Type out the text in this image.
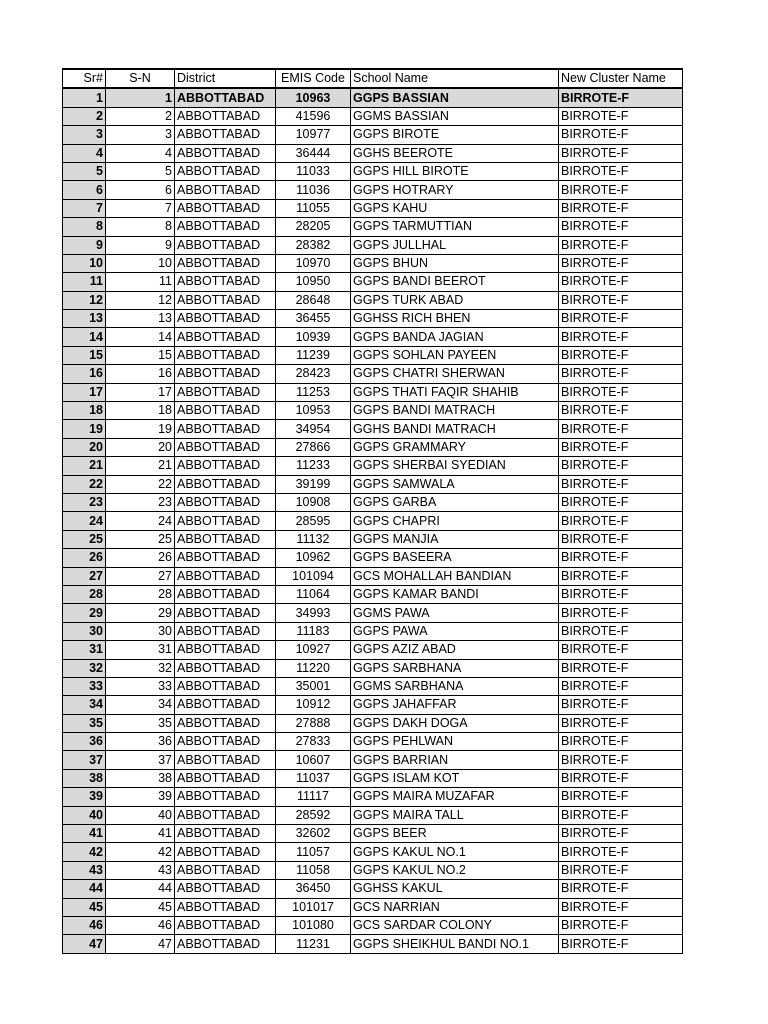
Sr#	S-N	District	EMIS Code	School Name	New Cluster Name
1	1	ABBOTTABAD	10963	GGPS BASSIAN	BIRROTE-F
2	2	ABBOTTABAD	41596	GGMS BASSIAN	BIRROTE-F
3	3	ABBOTTABAD	10977	GGPS BIROTE	BIRROTE-F
4	4	ABBOTTABAD	36444	GGHS BEEROTE	BIRROTE-F
5	5	ABBOTTABAD	11033	GGPS HILL BIROTE	BIRROTE-F
6	6	ABBOTTABAD	11036	GGPS HOTRARY	BIRROTE-F
7	7	ABBOTTABAD	11055	GGPS KAHU	BIRROTE-F
8	8	ABBOTTABAD	28205	GGPS TARMUTTIAN	BIRROTE-F
9	9	ABBOTTABAD	28382	GGPS JULLHAL	BIRROTE-F
10	10	ABBOTTABAD	10970	GGPS BHUN	BIRROTE-F
11	11	ABBOTTABAD	10950	GGPS BANDI BEEROT	BIRROTE-F
12	12	ABBOTTABAD	28648	GGPS TURK ABAD	BIRROTE-F
13	13	ABBOTTABAD	36455	GGHSS RICH BHEN	BIRROTE-F
14	14	ABBOTTABAD	10939	GGPS BANDA JAGIAN	BIRROTE-F
15	15	ABBOTTABAD	11239	GGPS SOHLAN PAYEEN	BIRROTE-F
16	16	ABBOTTABAD	28423	GGPS CHATRI SHERWAN	BIRROTE-F
17	17	ABBOTTABAD	11253	GGPS THATI FAQIR SHAHIB	BIRROTE-F
18	18	ABBOTTABAD	10953	GGPS BANDI MATRACH	BIRROTE-F
19	19	ABBOTTABAD	34954	GGHS BANDI MATRACH	BIRROTE-F
20	20	ABBOTTABAD	27866	GGPS GRAMMARY	BIRROTE-F
21	21	ABBOTTABAD	11233	GGPS SHERBAI SYEDIAN	BIRROTE-F
22	22	ABBOTTABAD	39199	GGPS SAMWALA	BIRROTE-F
23	23	ABBOTTABAD	10908	GGPS GARBA	BIRROTE-F
24	24	ABBOTTABAD	28595	GGPS CHAPRI	BIRROTE-F
25	25	ABBOTTABAD	11132	GGPS MANJIA	BIRROTE-F
26	26	ABBOTTABAD	10962	GGPS BASEERA	BIRROTE-F
27	27	ABBOTTABAD	101094	GCS MOHALLAH BANDIAN	BIRROTE-F
28	28	ABBOTTABAD	11064	GGPS KAMAR BANDI	BIRROTE-F
29	29	ABBOTTABAD	34993	GGMS PAWA	BIRROTE-F
30	30	ABBOTTABAD	11183	GGPS PAWA	BIRROTE-F
31	31	ABBOTTABAD	10927	GGPS AZIZ ABAD	BIRROTE-F
32	32	ABBOTTABAD	11220	GGPS SARBHANA	BIRROTE-F
33	33	ABBOTTABAD	35001	GGMS SARBHANA	BIRROTE-F
34	34	ABBOTTABAD	10912	GGPS JAHAFFAR	BIRROTE-F
35	35	ABBOTTABAD	27888	GGPS DAKH DOGA	BIRROTE-F
36	36	ABBOTTABAD	27833	GGPS PEHLWAN	BIRROTE-F
37	37	ABBOTTABAD	10607	GGPS BARRIAN	BIRROTE-F
38	38	ABBOTTABAD	11037	GGPS ISLAM KOT	BIRROTE-F
39	39	ABBOTTABAD	11117	GGPS MAIRA MUZAFAR	BIRROTE-F
40	40	ABBOTTABAD	28592	GGPS MAIRA TALL	BIRROTE-F
41	41	ABBOTTABAD	32602	GGPS BEER	BIRROTE-F
42	42	ABBOTTABAD	11057	GGPS KAKUL NO.1	BIRROTE-F
43	43	ABBOTTABAD	11058	GGPS KAKUL NO.2	BIRROTE-F
44	44	ABBOTTABAD	36450	GGHSS KAKUL	BIRROTE-F
45	45	ABBOTTABAD	101017	GCS NARRIAN	BIRROTE-F
46	46	ABBOTTABAD	101080	GCS SARDAR COLONY	BIRROTE-F
47	47	ABBOTTABAD	11231	GGPS SHEIKHUL BANDI NO.1	BIRROTE-F
